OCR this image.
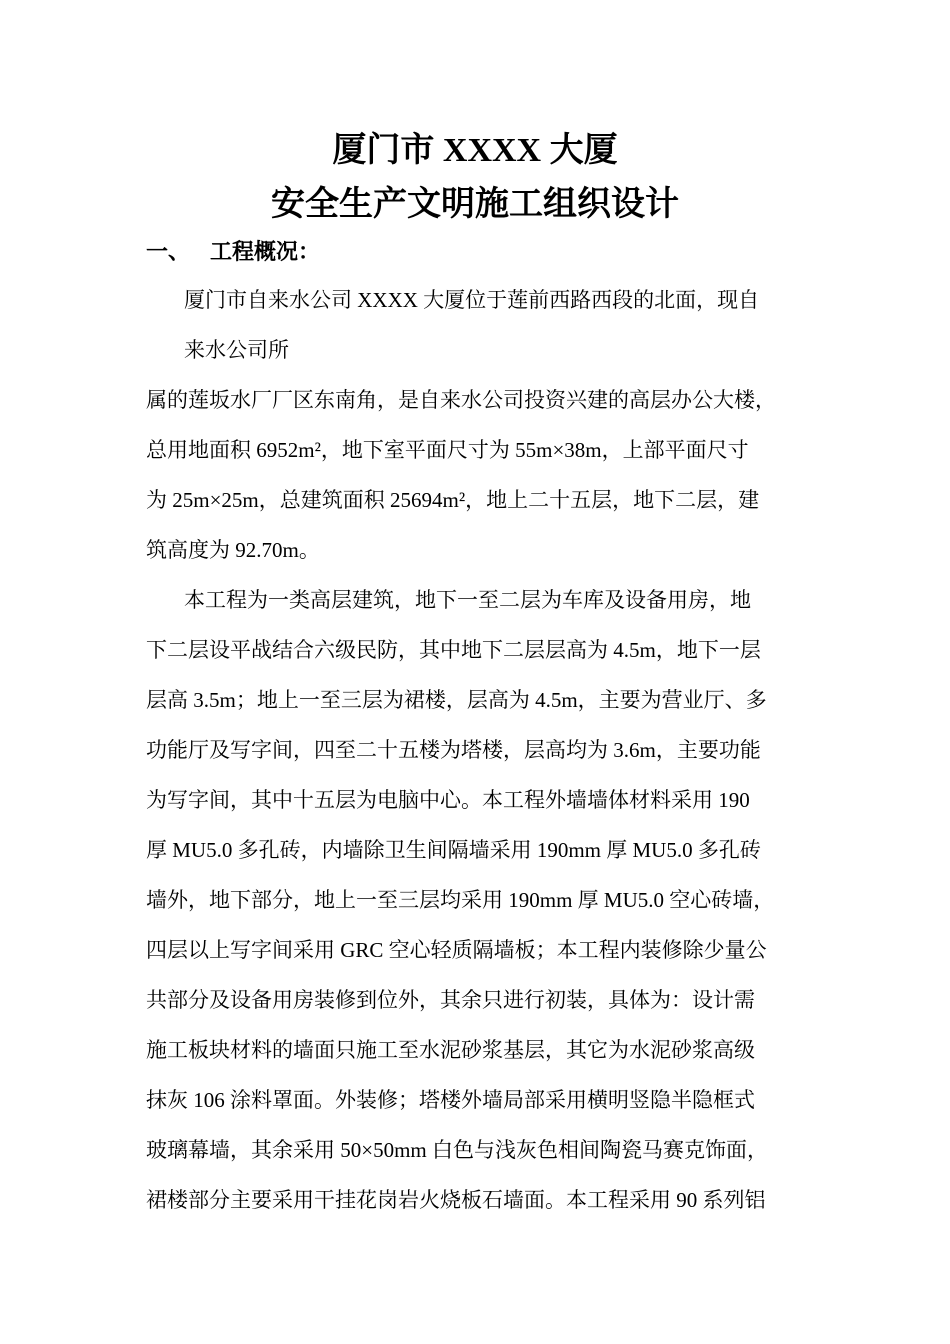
厦门市 XXXX 大厦
安全生产文明施工组织设计
一、 工程概况：
厦门市自来水公司 XXXX 大厦位于莲前西路西段的北面，现自
来水公司所
属的莲坂水厂厂区东南角，是自来水公司投资兴建的高层办公大楼，
总用地面积 6952m²，地下室平面尺寸为 55m×38m，上部平面尺寸
为 25m×25m，总建筑面积 25694m²，地上二十五层，地下二层，建
筑高度为 92.70m。
本工程为一类高层建筑，地下一至二层为车库及设备用房，地
下二层设平战结合六级民防，其中地下二层层高为 4.5m，地下一层
层高 3.5m；地上一至三层为裙楼，层高为 4.5m，主要为营业厅、多
功能厅及写字间，四至二十五楼为塔楼，层高均为 3.6m，主要功能
为写字间，其中十五层为电脑中心。本工程外墙墙体材料采用 190
厚 MU5.0 多孔砖，内墙除卫生间隔墙采用 190mm 厚 MU5.0 多孔砖
墙外，地下部分，地上一至三层均采用 190mm 厚 MU5.0 空心砖墙，
四层以上写字间采用 GRC 空心轻质隔墙板；本工程内装修除少量公
共部分及设备用房装修到位外，其余只进行初装，具体为：设计需
施工板块材料的墙面只施工至水泥砂浆基层，其它为水泥砂浆高级
抹灰 106 涂料罩面。外装修；塔楼外墙局部采用横明竖隐半隐框式
玻璃幕墙，其余采用 50×50mm 白色与浅灰色相间陶瓷马赛克饰面，
裙楼部分主要采用干挂花岗岩火烧板石墙面。本工程采用 90 系列铝
